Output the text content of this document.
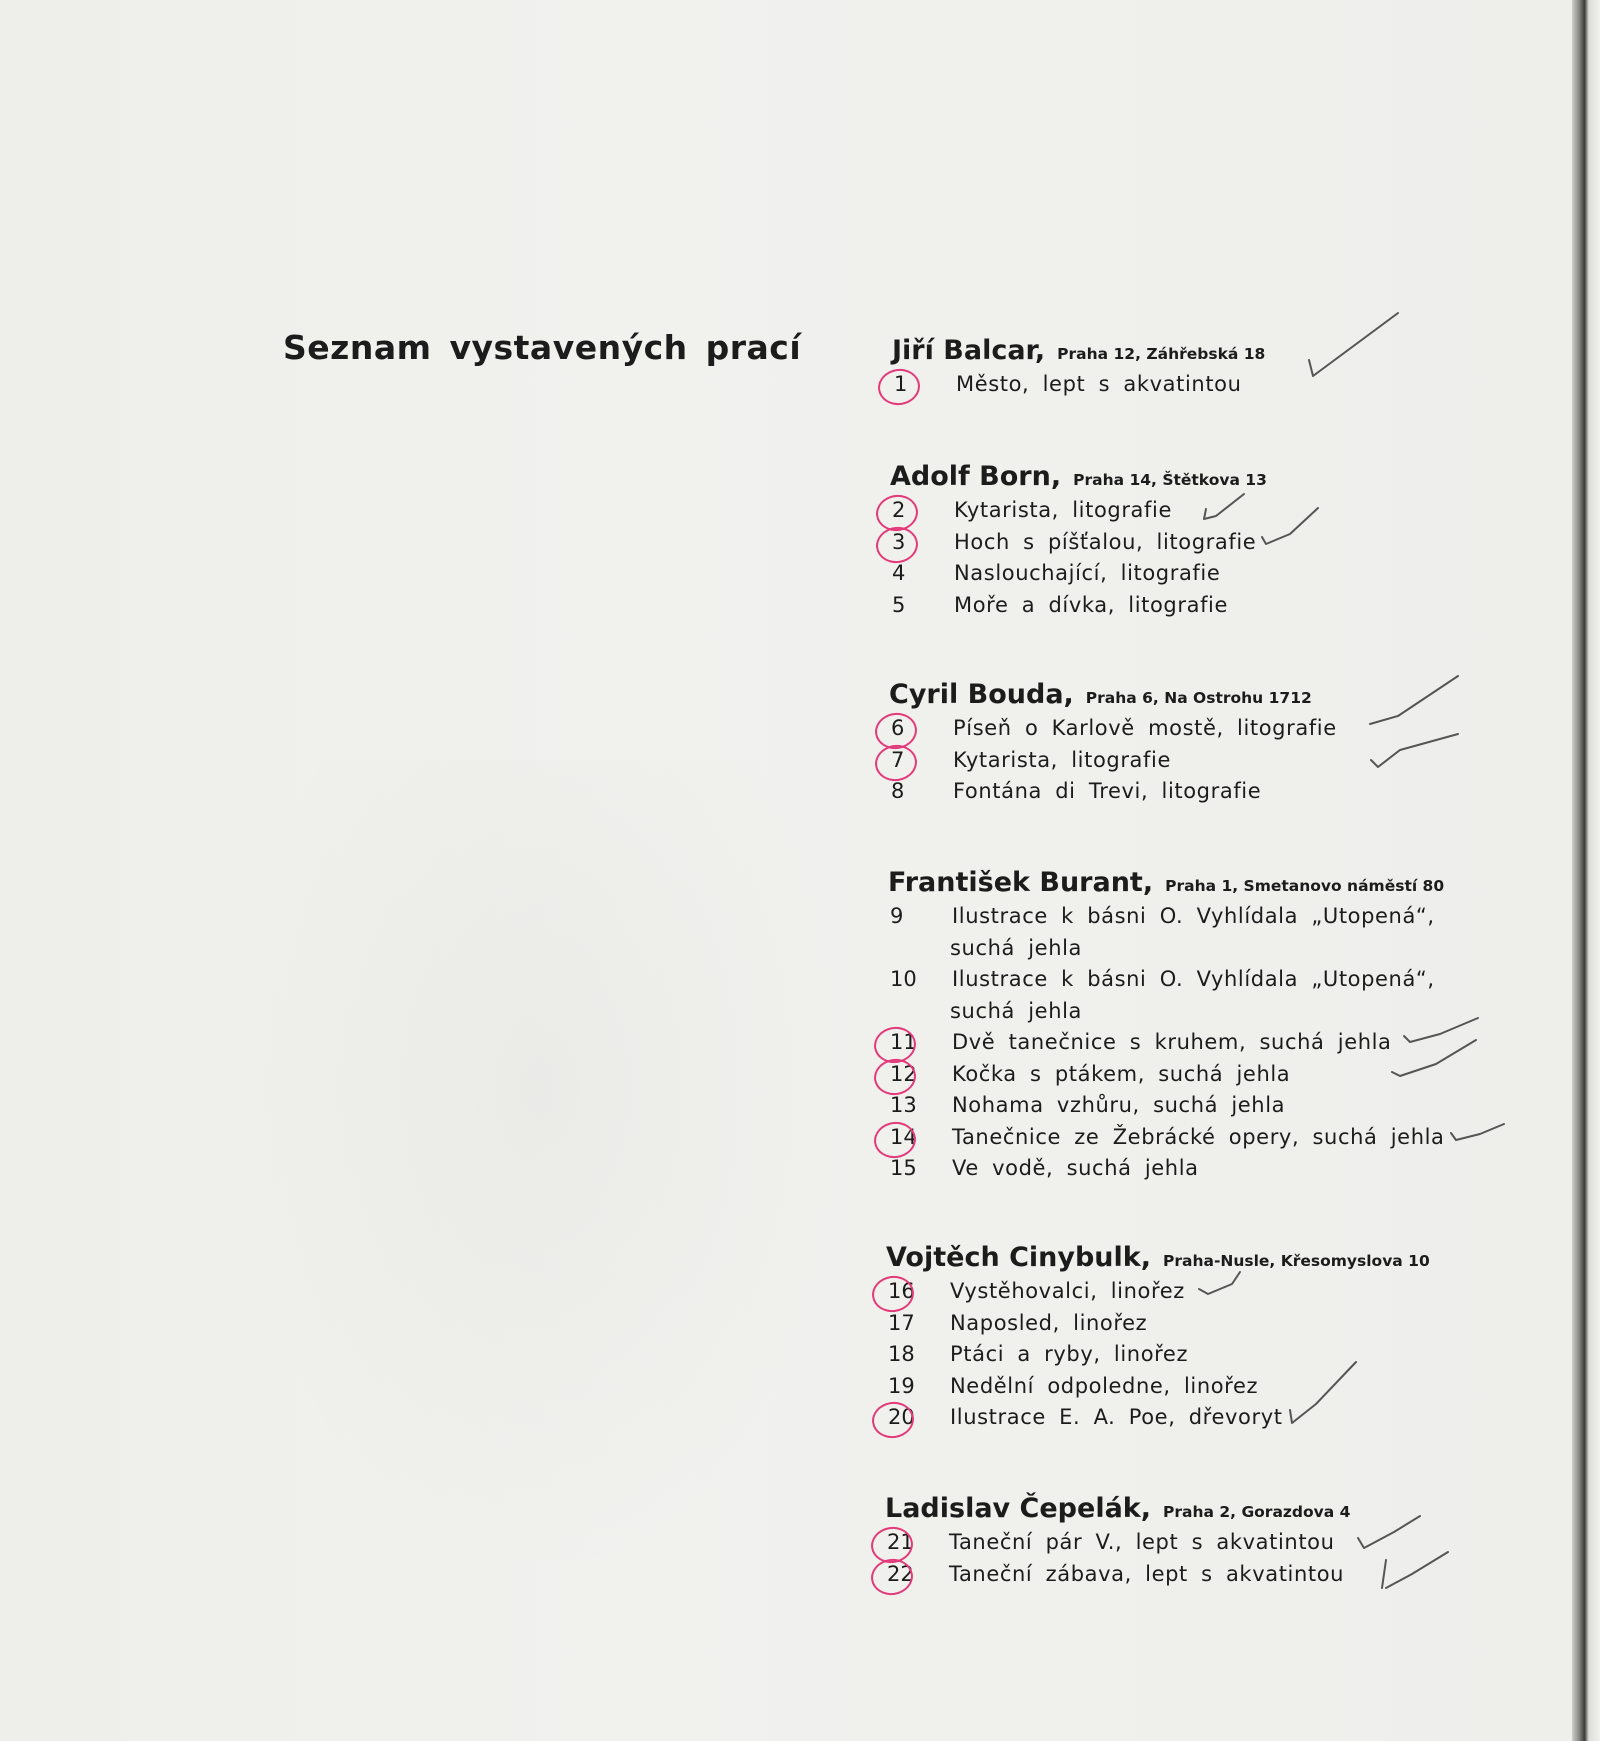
Seznam vystavených prací	Jiří Balcar, Praha 12, Záhřebská 18
1 Město, lept s akvatintou
Adolf Born, Praha 14, Štětkova 13
2 Kytarista, litografie
3 Hoch s píšťalou, litografie
4 Naslouchající, litografie
5 Moře a dívka, litografie
Cyril Bouda, Praha 6, Na Ostrohu 1712
6 Píseň o Karlově mostě, litografie
7 Kytarista, litografie
8 Fontána di Trevi, litografie
František Burant, Praha 1, Smetanovo náměstí 80
9 Ilustrace k básni O. Vyhlídala „Utopená“,
suchá jehla
10 Ilustrace k básni O. Vyhlídala „Utopená“,
suchá jehla
11 Dvě tanečnice s kruhem, suchá jehla
12 Kočka s ptákem, suchá jehla
13 Nohama vzhůru, suchá jehla
14 Tanečnice ze Žebrácké opery, suchá jehla
15 Ve vodě, suchá jehla
Vojtěch Cinybulk, Praha-Nusle, Křesomyslova 10
16 Vystěhovalci, linořez
17 Naposled, linořez
18 Ptáci a ryby, linořez
19 Nedělní odpoledne, linořez
20 Ilustrace E. A. Poe, dřevoryt
Ladislav Čepelák, Praha 2, Gorazdova 4
21 Taneční pár V., lept s akvatintou
22 Taneční zábava, lept s akvatintou
